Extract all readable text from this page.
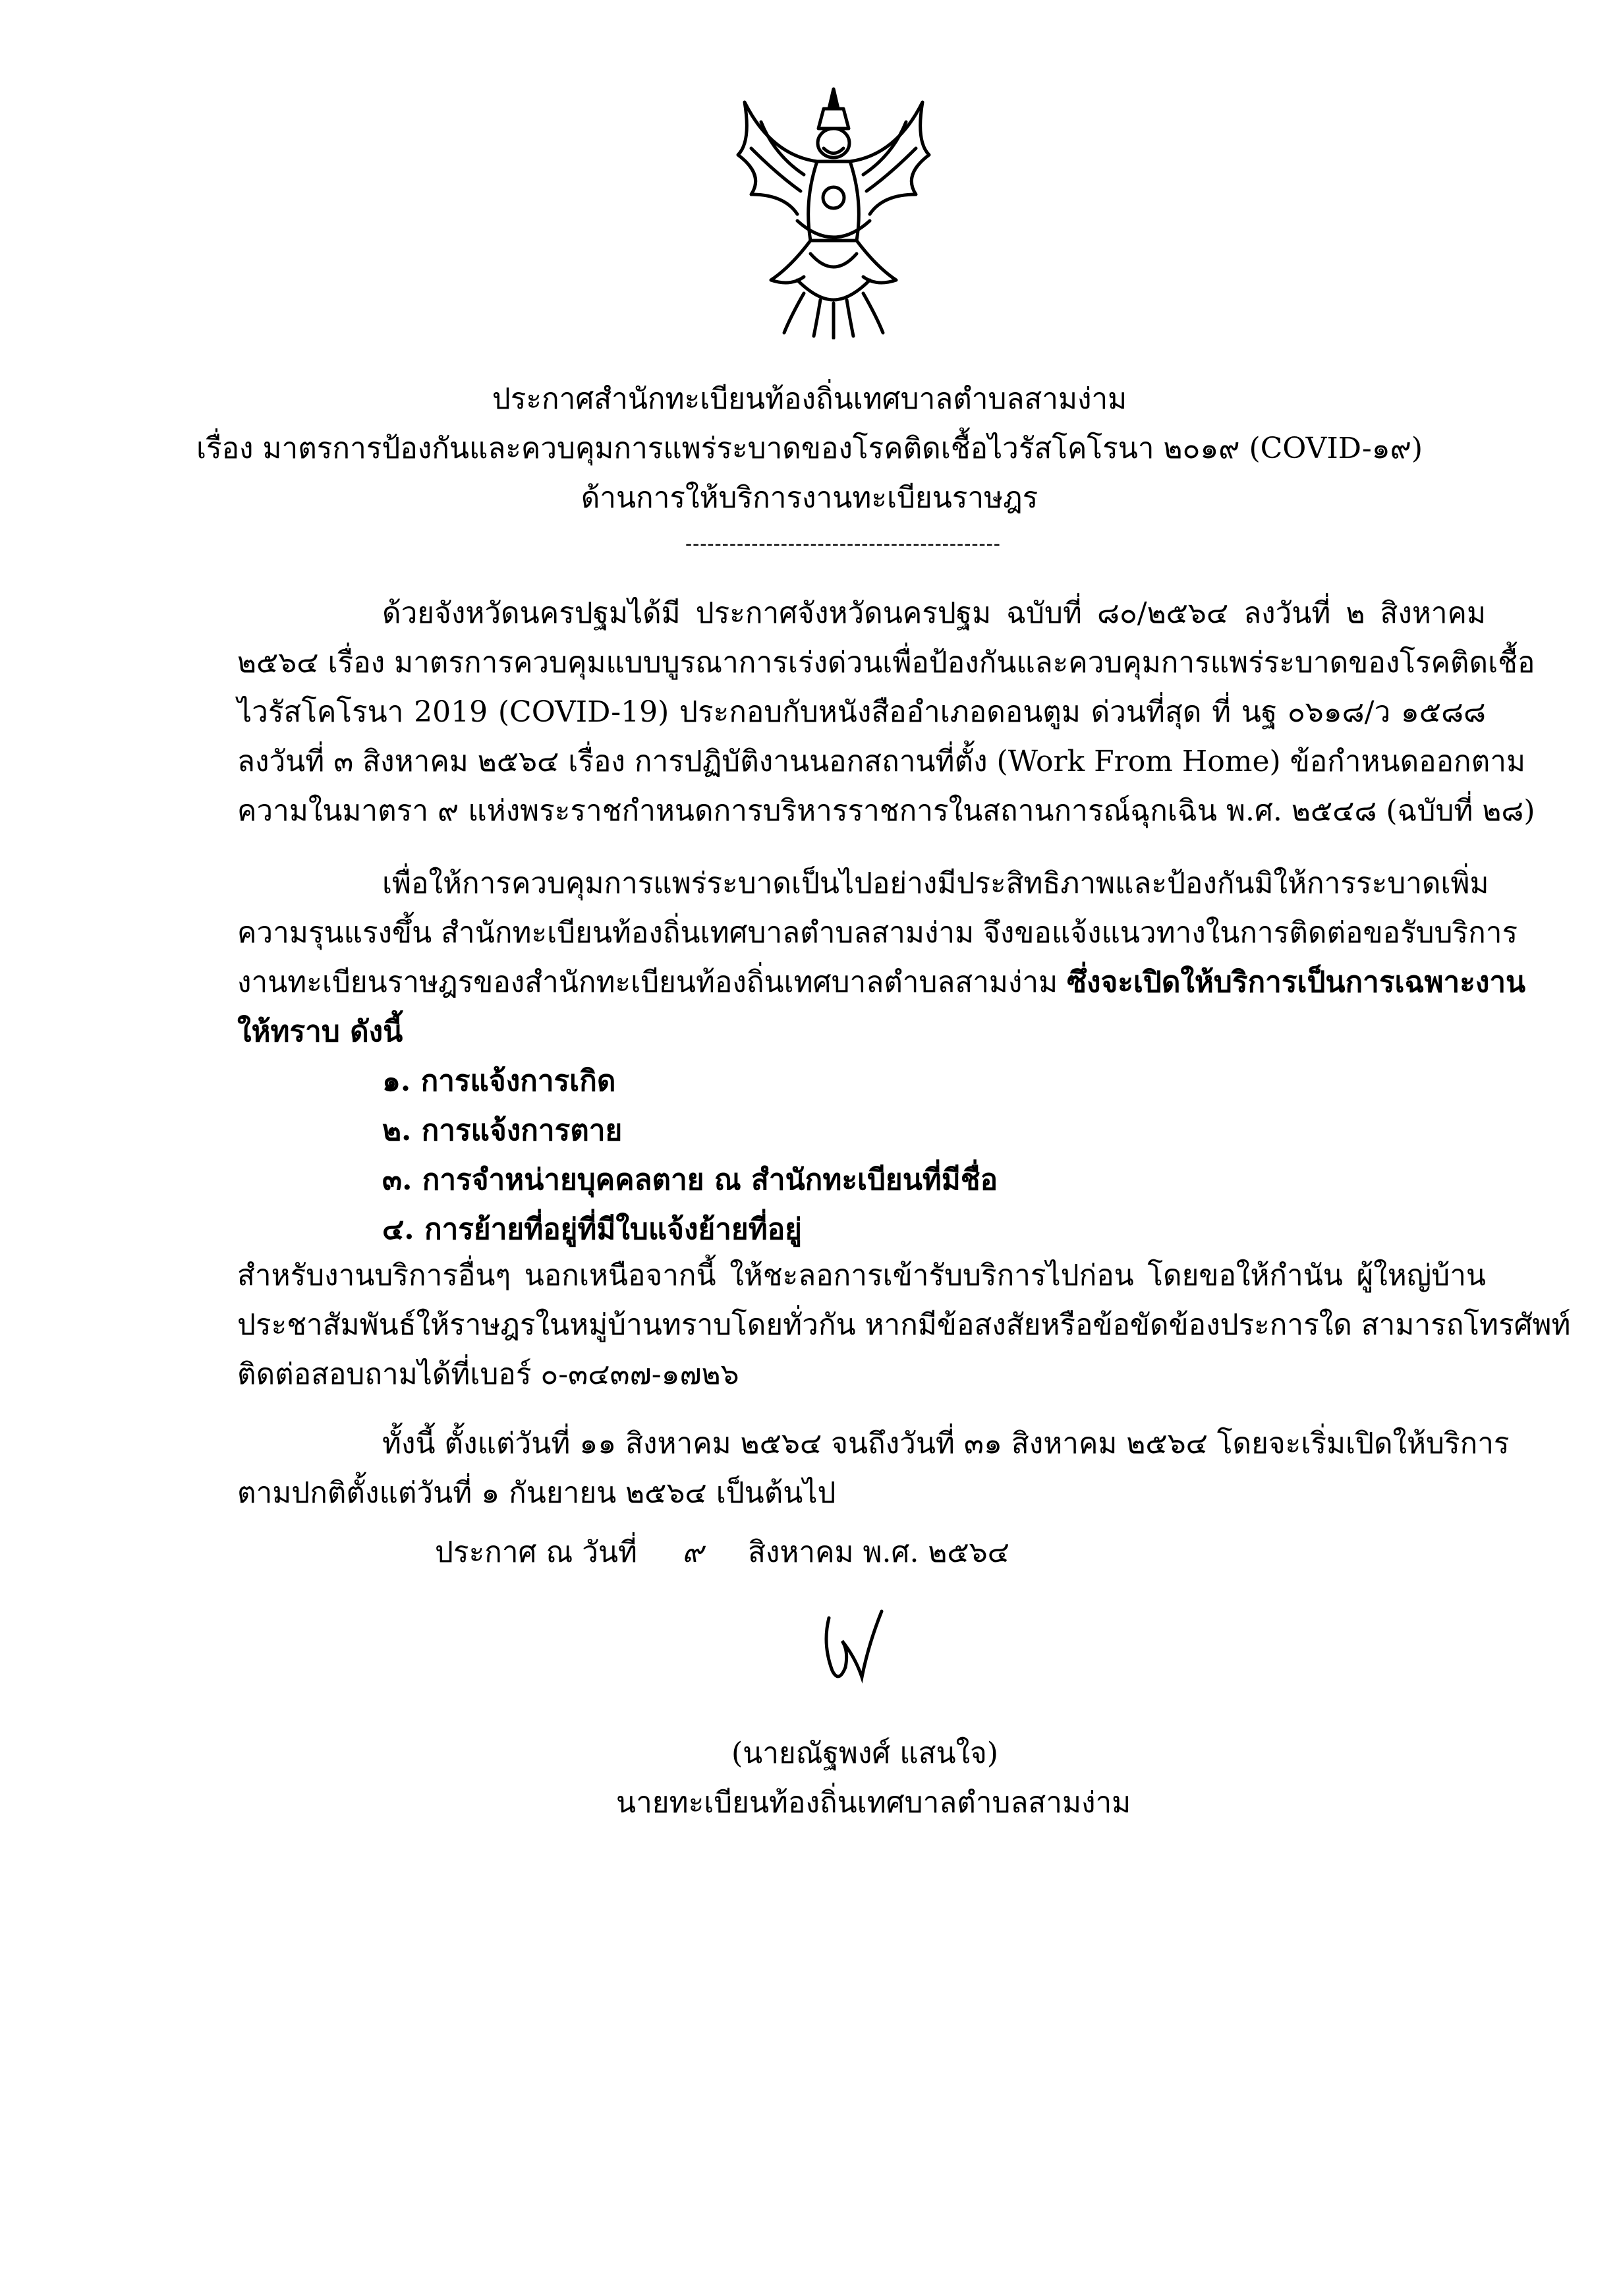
ประกาศสำนักทะเบียนท้องถิ่นเทศบาลตำบลสามง่าม
เรื่อง มาตรการป้องกันและควบคุมการแพร่ระบาดของโรคติดเชื้อไวรัสโคโรนา ๒๐๑๙ (COVID-๑๙)
ด้านการให้บริการงานทะเบียนราษฎร
-------------------------------------------
ด้วยจังหวัดนครปฐมได้มี ประกาศจังหวัดนครปฐม ฉบับที่ ๘๐/๒๕๖๔ ลงวันที่ ๒ สิงหาคม
๒๕๖๔ เรื่อง มาตรการควบคุมแบบบูรณาการเร่งด่วนเพื่อป้องกันและควบคุมการแพร่ระบาดของโรคติดเชื้อ
ไวรัสโคโรนา 2019 (COVID-19) ประกอบกับหนังสืออำเภอดอนตูม ด่วนที่สุด ที่ นฐ ๐๖๑๘/ว ๑๕๘๘
ลงวันที่ ๓ สิงหาคม ๒๕๖๔ เรื่อง การปฏิบัติงานนอกสถานที่ตั้ง (Work From Home) ข้อกำหนดออกตาม
ความในมาตรา ๙ แห่งพระราชกำหนดการบริหารราชการในสถานการณ์ฉุกเฉิน พ.ศ. ๒๕๔๘ (ฉบับที่ ๒๘)
เพื่อให้การควบคุมการแพร่ระบาดเป็นไปอย่างมีประสิทธิภาพและป้องกันมิให้การระบาดเพิ่ม
ความรุนแรงขึ้น สำนักทะเบียนท้องถิ่นเทศบาลตำบลสามง่าม จึงขอแจ้งแนวทางในการติดต่อขอรับบริการ
งานทะเบียนราษฎรของสำนักทะเบียนท้องถิ่นเทศบาลตำบลสามง่าม ซึ่งจะเปิดให้บริการเป็นการเฉพาะงาน
ให้ทราบ ดังนี้
๑. การแจ้งการเกิด
๒. การแจ้งการตาย
๓. การจำหน่ายบุคคลตาย ณ สำนักทะเบียนที่มีชื่อ
๔. การย้ายที่อยู่ที่มีใบแจ้งย้ายที่อยู่
สำหรับงานบริการอื่นๆ นอกเหนือจากนี้ ให้ชะลอการเข้ารับบริการไปก่อน โดยขอให้กำนัน ผู้ใหญ่บ้าน
ประชาสัมพันธ์ให้ราษฎรในหมู่บ้านทราบโดยทั่วกัน หากมีข้อสงสัยหรือข้อขัดข้องประการใด สามารถโทรศัพท์
ติดต่อสอบถามได้ที่เบอร์ ๐-๓๔๓๗-๑๗๒๖
ทั้งนี้ ตั้งแต่วันที่ ๑๑ สิงหาคม ๒๕๖๔ จนถึงวันที่ ๓๑ สิงหาคม ๒๕๖๔ โดยจะเริ่มเปิดให้บริการ
ตามปกติตั้งแต่วันที่ ๑ กันยายน ๒๕๖๔ เป็นต้นไป
ประกาศ ณ วันที่ ๙ สิงหาคม พ.ศ. ๒๕๖๔
(นายณัฐพงศ์ แสนใจ)
นายทะเบียนท้องถิ่นเทศบาลตำบลสามง่าม
